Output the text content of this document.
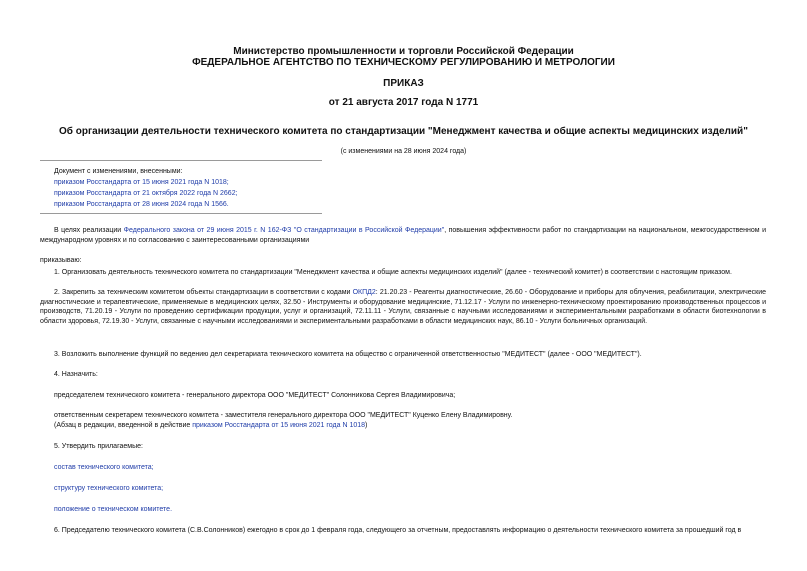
Министерство промышленности и торговли Российской Федерации

ФЕДЕРАЛЬНОЕ АГЕНТСТВО ПО ТЕХНИЧЕСКОМУ РЕГУЛИРОВАНИЮ И МЕТРОЛОГИИ

ПРИКАЗ

от 21 августа 2017 года N 1771

Об организации деятельности технического комитета по стандартизации "Менеджмент качества и общие аспекты медицинских изделий"

(с изменениями на 28 июня 2024 года)

Документ с изменениями, внесенными:
приказом Росстандарта от 15 июня 2021 года N 1018;
приказом Росстандарта от 21 октября 2022 года N 2662;
приказом Росстандарта от 28 июня 2024 года N 1566.

В целях реализации Федерального закона от 29 июня 2015 г. N 162-ФЗ "О стандартизации в Российской Федерации", повышения эффективности работ по стандартизации на национальном, межгосударственном и международном уровнях и по согласованию с заинтересованными организациями

приказываю:

1. Организовать деятельность технического комитета по стандартизации "Менеджмент качества и общие аспекты медицинских изделий" (далее - технический комитет) в соответствии с настоящим приказом.

2. Закрепить за техническим комитетом объекты стандартизации в соответствии с кодами ОКПД2: 21.20.23 - Реагенты диагностические, 26.60 - Оборудование и приборы для облучения, реабилитации, электрические диагностические и терапевтические, применяемые в медицинских целях, 32.50 - Инструменты и оборудование медицинские, 71.12.17 - Услуги по инженерно-техническому проектированию производственных процессов и производств, 71.20.19 - Услуги по проведению сертификации продукции, услуг и организаций, 72.11.11 - Услуги, связанные с научными исследованиями и экспериментальными разработками в области биотехнологии в области здоровья, 72.19.30 - Услуги, связанные с научными исследованиями и экспериментальными разработками в области медицинских наук, 86.10 - Услуги больничных организаций.

3. Возложить выполнение функций по ведению дел секретариата технического комитета на общество с ограниченной ответственностью "МЕДИТЕСТ" (далее - ООО "МЕДИТЕСТ").

4. Назначить:

председателем технического комитета - генерального директора ООО "МЕДИТЕСТ" Солонникова Сергея Владимировича;

ответственным секретарем технического комитета - заместителя генерального директора ООО "МЕДИТЕСТ" Куценко Елену Владимировну.

(Абзац в редакции, введенной в действие приказом Росстандарта от 15 июня 2021 года N 1018)

5. Утвердить прилагаемые:

состав технического комитета;

структуру технического комитета;

положение о техническом комитете.

6. Председателю технического комитета (С.В.Солонников) ежегодно в срок до 1 февраля года, следующего за отчетным, предоставлять информацию о деятельности технического комитета за прошедший год в
